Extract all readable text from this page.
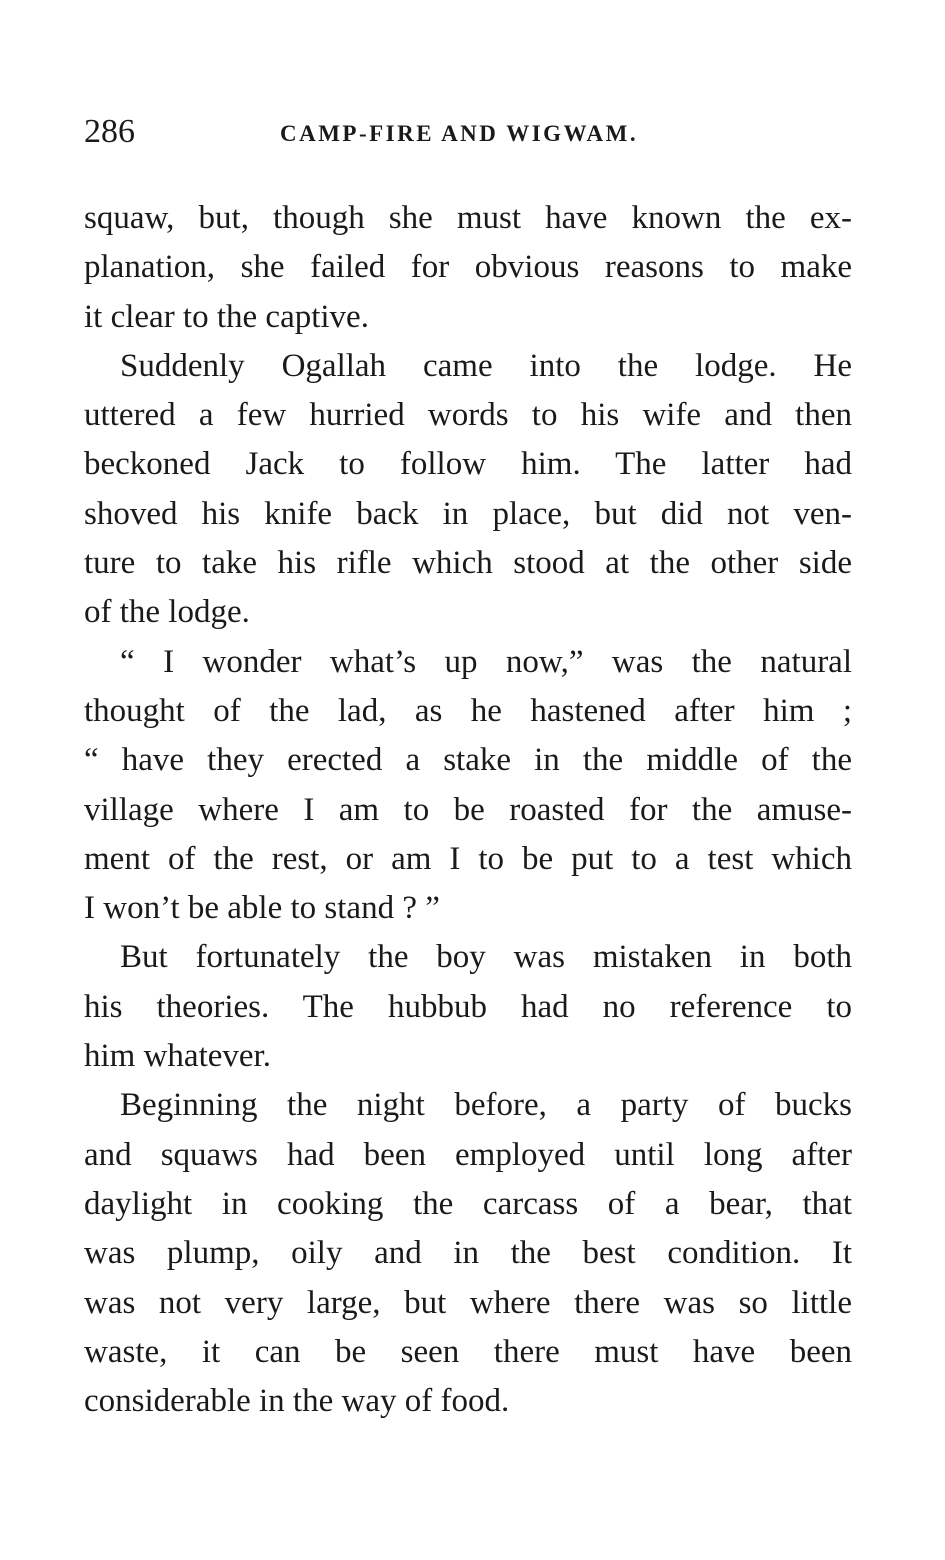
286	CAMP-FIRE AND WIGWAM.
squaw, but, though she must have known the ex-
planation, she failed for obvious reasons to make
it clear to the captive.
Suddenly Ogallah came into the lodge. He
uttered a few hurried words to his wife and then
beckoned Jack to follow him. The latter had
shoved his knife back in place, but did not ven-
ture to take his rifle which stood at the other side
of the lodge.
“ I wonder what’s up now,” was the natural
thought of the lad, as he hastened after him ;
“ have they erected a stake in the middle of the
village where I am to be roasted for the amuse-
ment of the rest, or am I to be put to a test which
I won’t be able to stand ? ”
But fortunately the boy was mistaken in both
his theories. The hubbub had no reference to
him whatever.
Beginning the night before, a party of bucks
and squaws had been employed until long after
daylight in cooking the carcass of a bear, that
was plump, oily and in the best condition. It
was not very large, but where there was so little
waste, it can be seen there must have been
considerable in the way of food.
